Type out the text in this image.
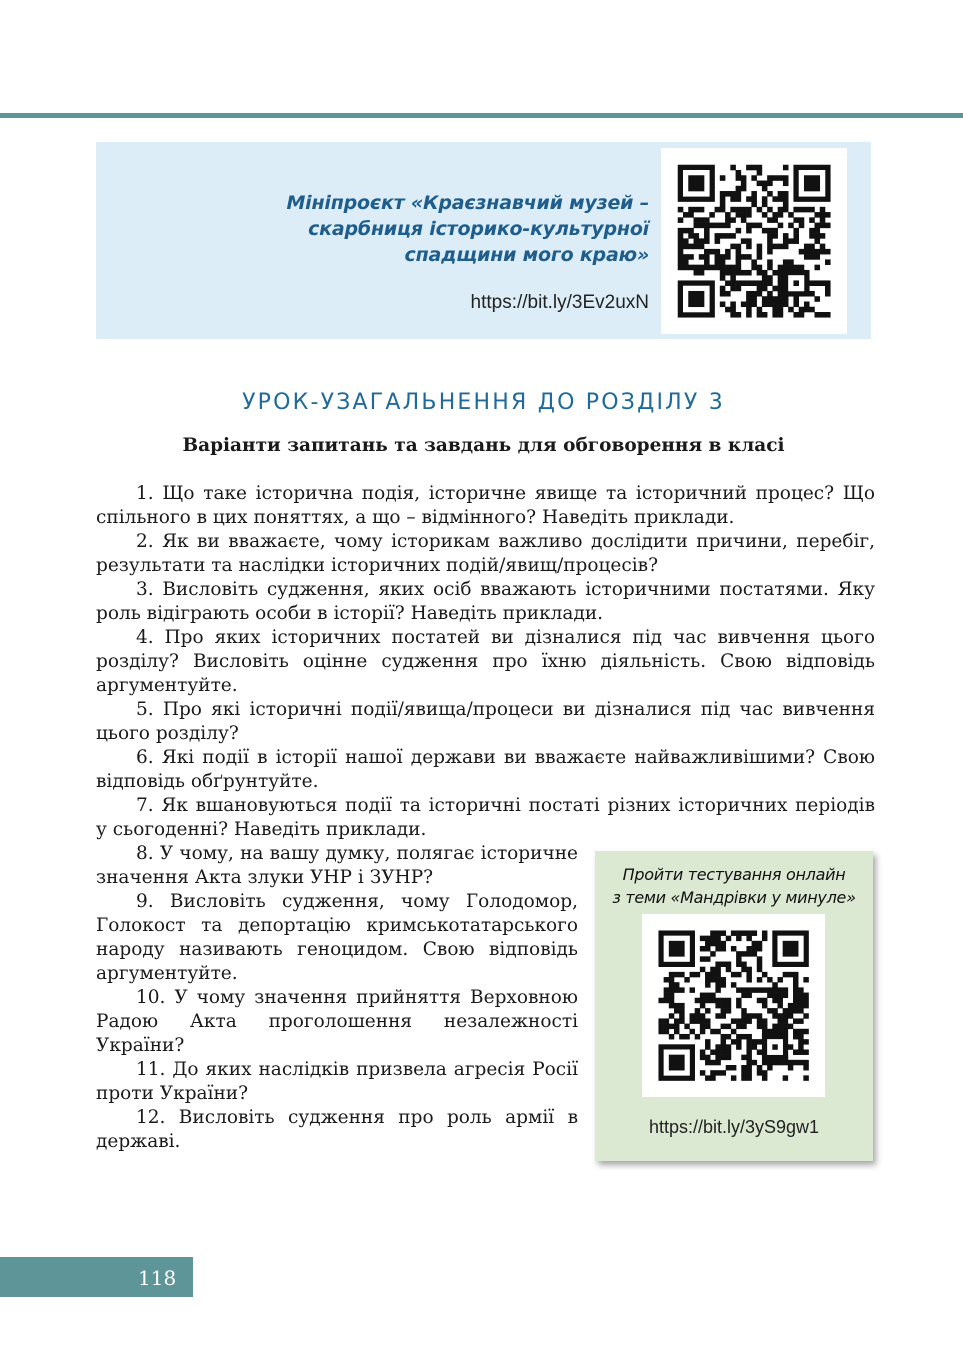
Мініпроєкт «Краєзнавчий музей –
скарбниця історико-культурної
спадщини мого краю»
https://bit.ly/3Ev2uxN
УРОК-УЗАГАЛЬНЕННЯ ДО РОЗДІЛУ 3
Варіанти запитань та завдань для обговорення в класі

1. Що таке історична подія, історичне явище та історичний процес? Що спільного в цих поняттях, а що – відмінного? Наведіть приклади.

2. Як ви вважаєте, чому історикам важливо дослідити причини, перебіг, результати та наслідки історичних подій/явищ/процесів?

3. Висловіть судження, яких осіб вважають історичними постатями. Яку роль відіграють особи в історії? Наведіть приклади.

4. Про яких історичних постатей ви дізналися під час вивчення цього розділу? Висловіть оцінне судження про їхню діяльність. Свою відповідь аргументуйте.

5. Про які історичні події/явища/процеси ви дізналися під час вивчення цього розділу?

6. Які події в історії нашої держави ви вважаєте найважливішими? Свою відповідь обґрунтуйте.

7. Як вшановуються події та історичні постаті різних історичних періодів у сьогоденні? Наведіть приклади.

8. У чому, на вашу думку, полягає історичне значення Акта злуки УНР і ЗУНР?

9. Висловіть судження, чому Голодомор, Голокост та депортацію кримськотатарського народу називають геноцидом. Свою відповідь аргументуйте.

10. У чому значення прийняття Верховною Радою Акта проголошення незалежності України?

11. До яких наслідків призвела агресія Росії проти України?

12. Висловіть судження про роль армії в державі.

Пройти тестування онлайн
з теми «Мандрівки у минуле»
https://bit.ly/3yS9gw1
118
